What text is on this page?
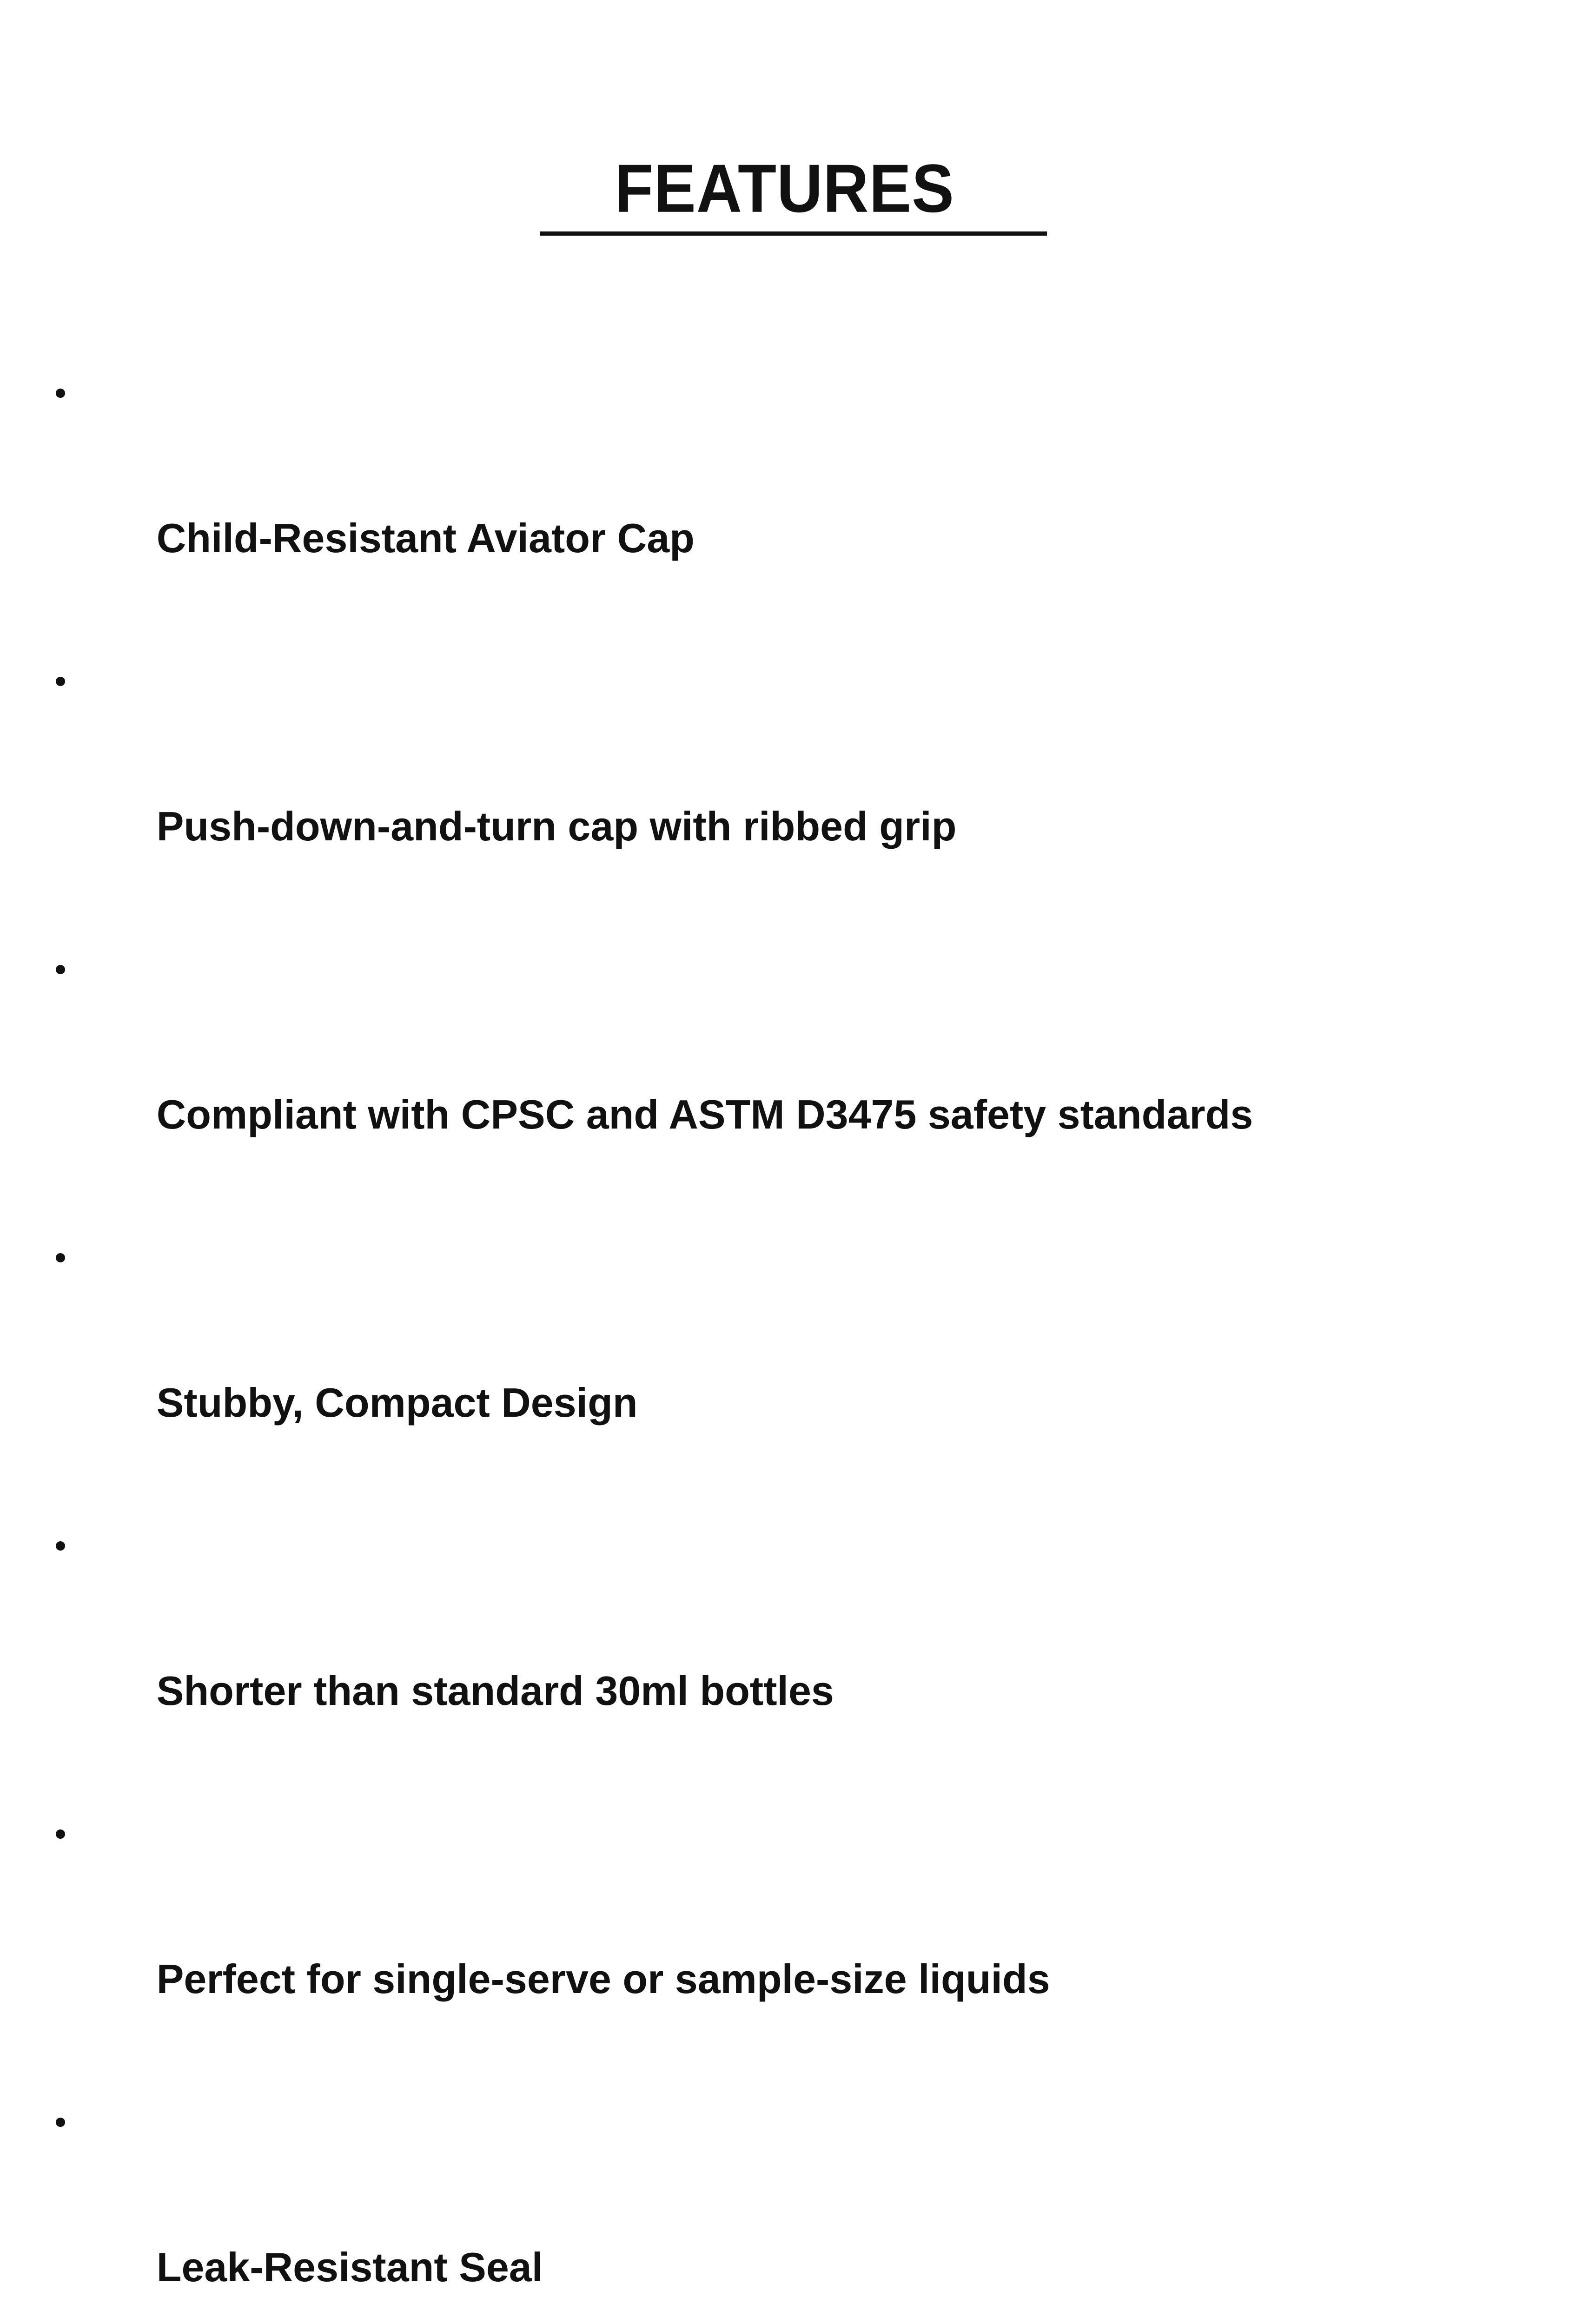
FEATURES

Child-Resistant Aviator Cap

Push-down-and-turn cap with ribbed grip

Compliant with CPSC and ASTM D3475 safety standards

Stubby, Compact Design

Shorter than standard 30ml bottles

Perfect for single-serve or sample-size liquids

Leak-Resistant Seal
